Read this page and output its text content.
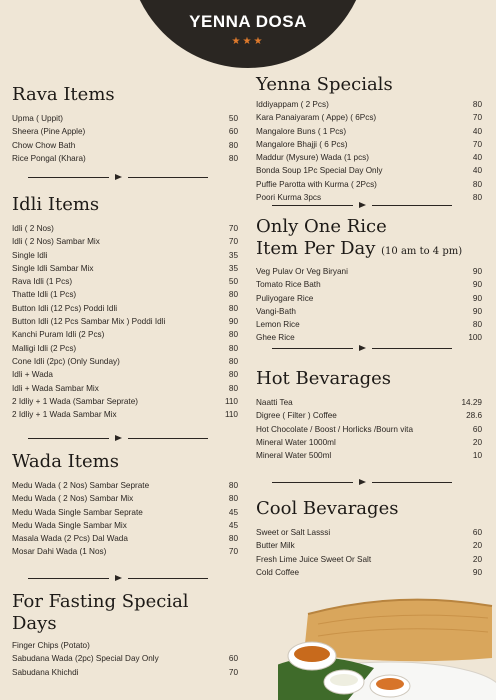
YENNA DOSA
★★★
Rava Items
Upma ( Uppit)	50
Sheera (Pine Apple)	60
Chow Chow Bath	80
Rice Pongal (Khara)	80
Idli Items
Idli ( 2 Nos)	70
Idli ( 2 Nos) Sambar Mix	70
Single Idli	35
Single Idli Sambar Mix	35
Rava Idli (1 Pcs)	50
Thatte Idli (1 Pcs)	80
Button Idli (12 Pcs) Poddi Idli	80
Button Idli (12 Pcs Sambar Mix ) Poddi Idli	90
Kanchi Puram Idli (2 Pcs)	80
Malligi Idli (2 Pcs)	80
Cone Idli (2pc) (Only Sunday)	80
Idli + Wada	80
Idli + Wada Sambar Mix	80
2 Idliy + 1 Wada (Sambar Seprate)	110
2 Idliy + 1 Wada Sambar Mix	110
Wada Items
Medu Wada ( 2 Nos) Sambar Seprate	80
Medu Wada ( 2 Nos) Sambar Mix	80
Medu Wada Single Sambar Seprate	45
Medu Wada Single Sambar Mix	45
Masala Wada (2 Pcs) Dal Wada	80
Mosar Dahi Wada (1 Nos)	70
For Fasting Special
Days
Finger Chips (Potato)
Sabudana Wada (2pc) Special Day Only	60
Sabudana Khichdi	70
Yenna Specials
Iddiyappam ( 2 Pcs)	80
Kara Panaiyaram ( Appe) ( 6Pcs)	70
Mangalore Buns ( 1 Pcs)	40
Mangalore Bhajji ( 6 Pcs)	70
Maddur (Mysure) Wada (1 pcs)	40
Bonda Soup 1Pc Special Day Only	40
Puffie Parotta with Kurma ( 2Pcs)	80
Poori Kurma 3pcs	80
Only One Rice
Item Per Day (10 am to 4 pm)
Veg Pulav Or Veg Biryani	90
Tomato Rice Bath	90
Puliyogare Rice	90
Vangi-Bath	90
Lemon Rice	80
Ghee Rice	100
Hot Bevarages
Naatti Tea	14.29
Digree ( Filter ) Coffee	28.6
Hot Chocolate / Boost / Horlicks /Bourn vita	60
Mineral Water 1000ml	20
Mineral Water 500ml	10
Cool Bevarages
Sweet or Salt Lasssi	60
Butter Milk	20
Fresh Lime Juice Sweet Or Salt	20
Cold Coffee	90
